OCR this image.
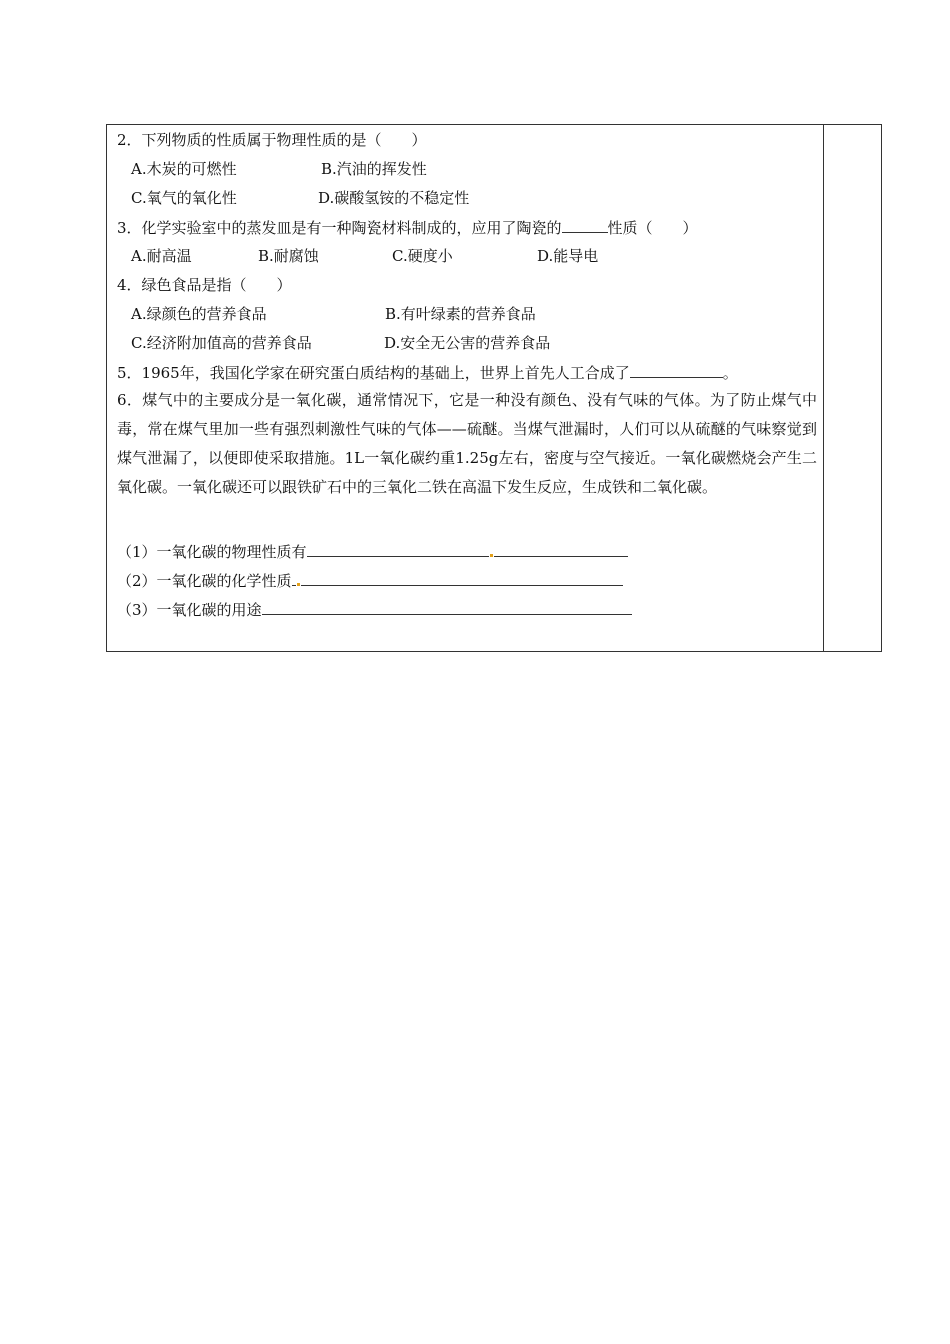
2．下列物质的性质属于物理性质的是（　　）
A.木炭的可燃性	B.汽油的挥发性
C.氧气的氧化性	D.碳酸氢铵的不稳定性
3．化学实验室中的蒸发皿是有一种陶瓷材料制成的，应用了陶瓷的	性质（　　）
A.耐高温	B.耐腐蚀	C.硬度小	D.能导电
4．绿色食品是指（　　）
A.绿颜色的营养食品	B.有叶绿素的营养食品
C.经济附加值高的营养食品	D.安全无公害的营养食品
5．1965年，我国化学家在研究蛋白质结构的基础上，世界上首先人工合成了	。
6．煤气中的主要成分是一氧化碳，通常情况下，它是一种没有颜色、没有气味的气体。为了防止煤气中毒，常在煤气里加一些有强烈刺激性气味的气体——硫醚。当煤气泄漏时，人们可以从硫醚的气味察觉到煤气泄漏了，以便即使采取措施。1L一氧化碳约重1.25g左右，密度与空气接近。一氧化碳燃烧会产生二氧化碳。一氧化碳还可以跟铁矿石中的三氧化二铁在高温下发生反应，生成铁和二氧化碳。
（1）一氧化碳的物理性质有
（2）一氧化碳的化学性质
（3）一氧化碳的用途
